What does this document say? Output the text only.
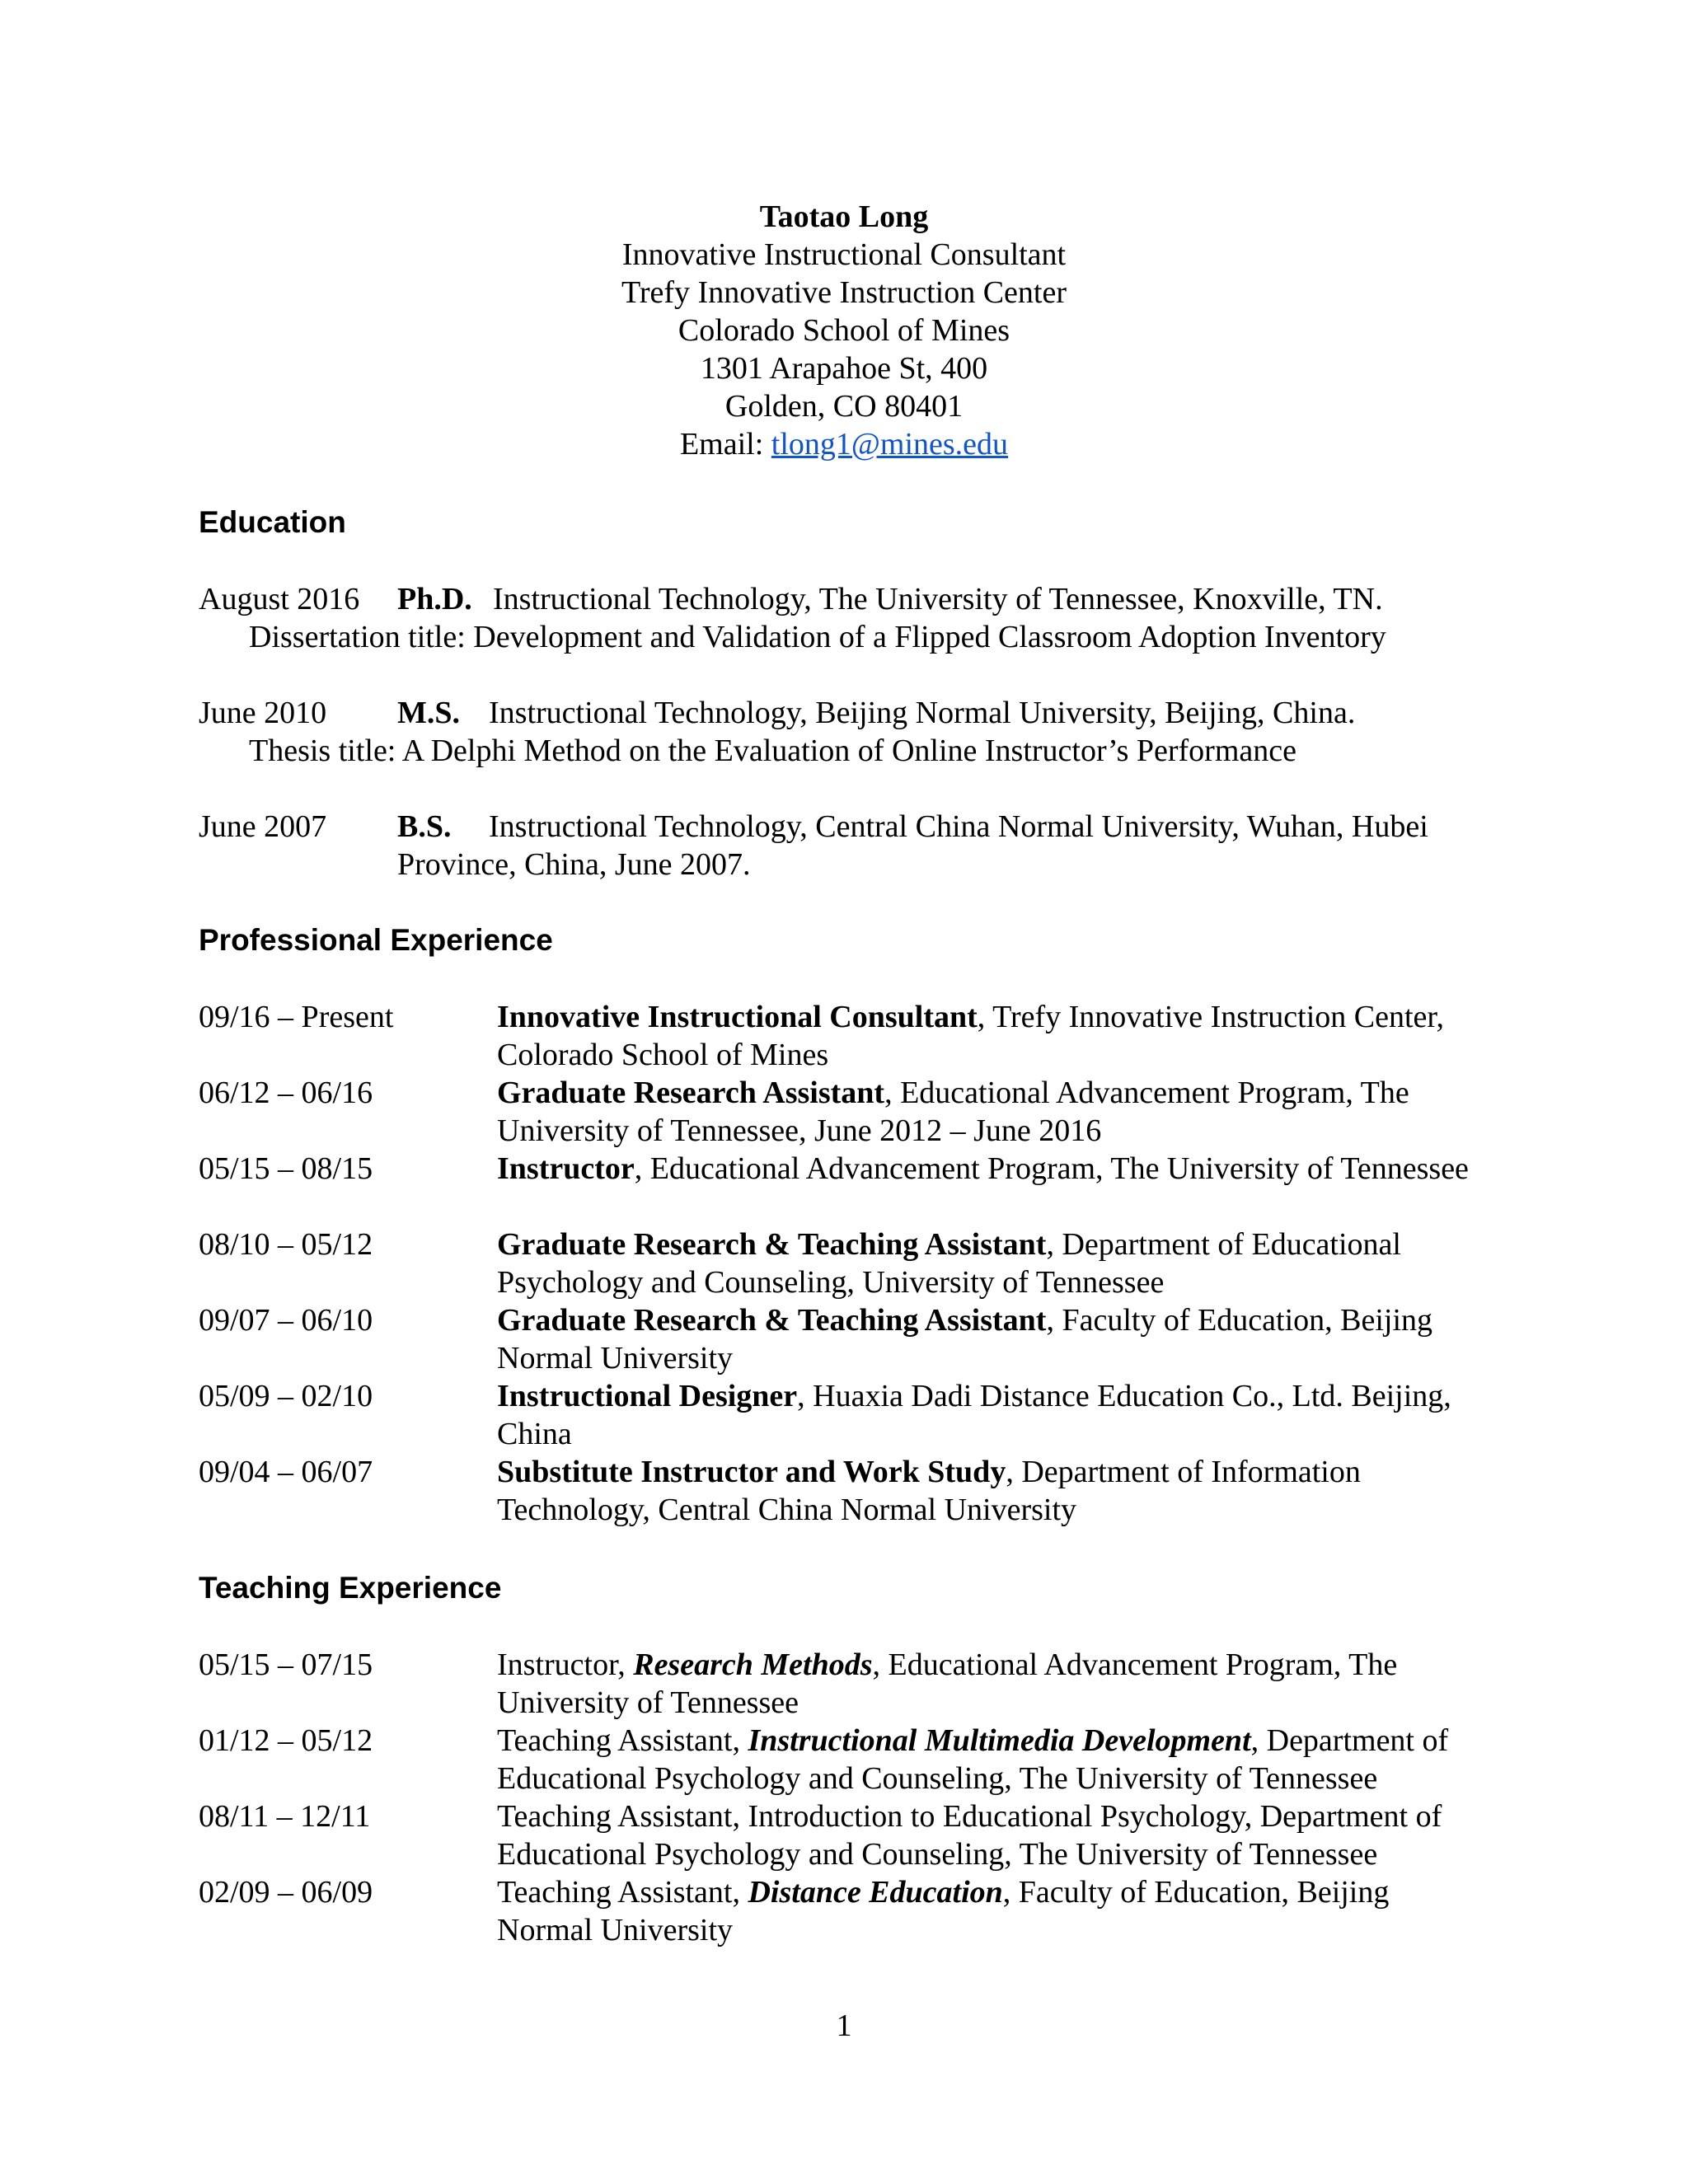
Taotao Long
Innovative Instructional Consultant
Trefy Innovative Instruction Center
Colorado School of Mines
1301 Arapahoe St, 400
Golden, CO 80401
Email: tlong1@mines.edu
Education
August 2016 Ph.D. Instructional Technology, The University of Tennessee, Knoxville, TN.
Dissertation title: Development and Validation of a Flipped Classroom Adoption Inventory
June 2010 M.S. Instructional Technology, Beijing Normal University, Beijing, China.
Thesis title: A Delphi Method on the Evaluation of Online Instructor’s Performance
June 2007 B.S. Instructional Technology, Central China Normal University, Wuhan, Hubei
Province, China, June 2007.
Professional Experience
09/16 – Present	Innovative Instructional Consultant, Trefy Innovative Instruction Center, Colorado School of Mines
06/12 – 06/16	Graduate Research Assistant, Educational Advancement Program, The University of Tennessee, June 2012 – June 2016
05/15 – 08/15	Instructor, Educational Advancement Program, The University of Tennessee
08/10 – 05/12	Graduate Research & Teaching Assistant, Department of Educational Psychology and Counseling, University of Tennessee
09/07 – 06/10	Graduate Research & Teaching Assistant, Faculty of Education, Beijing Normal University
05/09 – 02/10	Instructional Designer, Huaxia Dadi Distance Education Co., Ltd. Beijing, China
09/04 – 06/07	Substitute Instructor and Work Study, Department of Information Technology, Central China Normal University
Teaching Experience
05/15 – 07/15	Instructor, Research Methods, Educational Advancement Program, The University of Tennessee
01/12 – 05/12	Teaching Assistant, Instructional Multimedia Development, Department of Educational Psychology and Counseling, The University of Tennessee
08/11 – 12/11	Teaching Assistant, Introduction to Educational Psychology, Department of Educational Psychology and Counseling, The University of Tennessee
02/09 – 06/09	Teaching Assistant, Distance Education, Faculty of Education, Beijing Normal University
1
